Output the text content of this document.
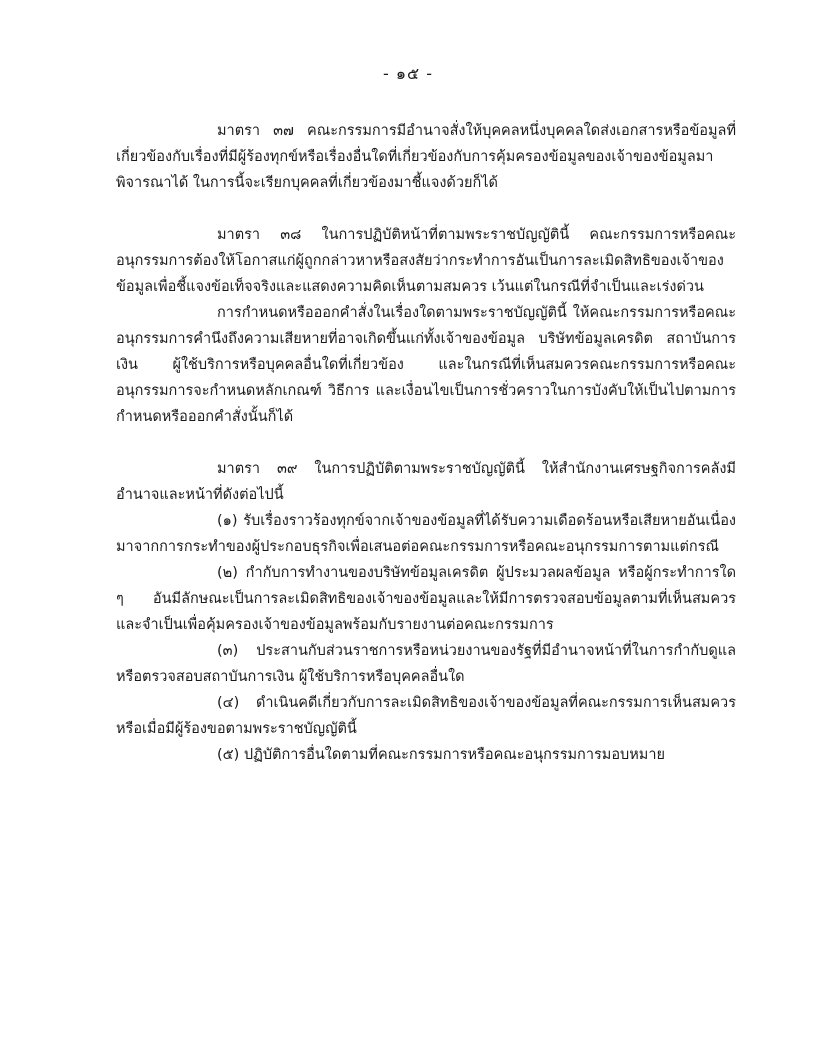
- ๑๕ -

มาตรา ๓๗ คณะกรรมการมีอำนาจสั่งให้บุคคลหนึ่งบุคคลใดส่งเอกสารหรือข้อมูลที่เกี่ยวข้องกับเรื่องที่มีผู้ร้องทุกข์หรือเรื่องอื่นใดที่เกี่ยวข้องกับการคุ้มครองข้อมูลของเจ้าของข้อมูลมาพิจารณาได้ ในการนี้จะเรียกบุคคลที่เกี่ยวข้องมาชี้แจงด้วยก็ได้

มาตรา ๓๘ ในการปฏิบัติหน้าที่ตามพระราชบัญญัตินี้ คณะกรรมการหรือคณะอนุกรรมการต้องให้โอกาสแก่ผู้ถูกกล่าวหาหรือสงสัยว่ากระทำการอันเป็นการละเมิดสิทธิของเจ้าของข้อมูลเพื่อชี้แจงข้อเท็จจริงและแสดงความคิดเห็นตามสมควร เว้นแต่ในกรณีที่จำเป็นและเร่งด่วน

การกำหนดหรือออกคำสั่งในเรื่องใดตามพระราชบัญญัตินี้ ให้คณะกรรมการหรือคณะอนุกรรมการคำนึงถึงความเสียหายที่อาจเกิดขึ้นแก่ทั้งเจ้าของข้อมูล บริษัทข้อมูลเครดิต สถาบันการเงิน ผู้ใช้บริการหรือบุคคลอื่นใดที่เกี่ยวข้อง และในกรณีที่เห็นสมควรคณะกรรมการหรือคณะอนุกรรมการจะกำหนดหลักเกณฑ์ วิธีการ และเงื่อนไขเป็นการชั่วคราวในการบังคับให้เป็นไปตามการกำหนดหรือออกคำสั่งนั้นก็ได้

มาตรา ๓๙ ในการปฏิบัติตามพระราชบัญญัตินี้ ให้สำนักงานเศรษฐกิจการคลังมีอำนาจและหน้าที่ดังต่อไปนี้

(๑) รับเรื่องราวร้องทุกข์จากเจ้าของข้อมูลที่ได้รับความเดือดร้อนหรือเสียหายอันเนื่องมาจากการกระทำของผู้ประกอบธุรกิจเพื่อเสนอต่อคณะกรรมการหรือคณะอนุกรรมการตามแต่กรณี

(๒) กำกับการทำงานของบริษัทข้อมูลเครดิต ผู้ประมวลผลข้อมูล หรือผู้กระทำการใด ๆ อันมีลักษณะเป็นการละเมิดสิทธิของเจ้าของข้อมูลและให้มีการตรวจสอบข้อมูลตามที่เห็นสมควรและจำเป็นเพื่อคุ้มครองเจ้าของข้อมูลพร้อมกับรายงานต่อคณะกรรมการ

(๓) ประสานกับส่วนราชการหรือหน่วยงานของรัฐที่มีอำนาจหน้าที่ในการกำกับดูแลหรือตรวจสอบสถาบันการเงิน ผู้ใช้บริการหรือบุคคลอื่นใด

(๔) ดำเนินคดีเกี่ยวกับการละเมิดสิทธิของเจ้าของข้อมูลที่คณะกรรมการเห็นสมควรหรือเมื่อมีผู้ร้องขอตามพระราชบัญญัตินี้

(๕) ปฏิบัติการอื่นใดตามที่คณะกรรมการหรือคณะอนุกรรมการมอบหมาย
